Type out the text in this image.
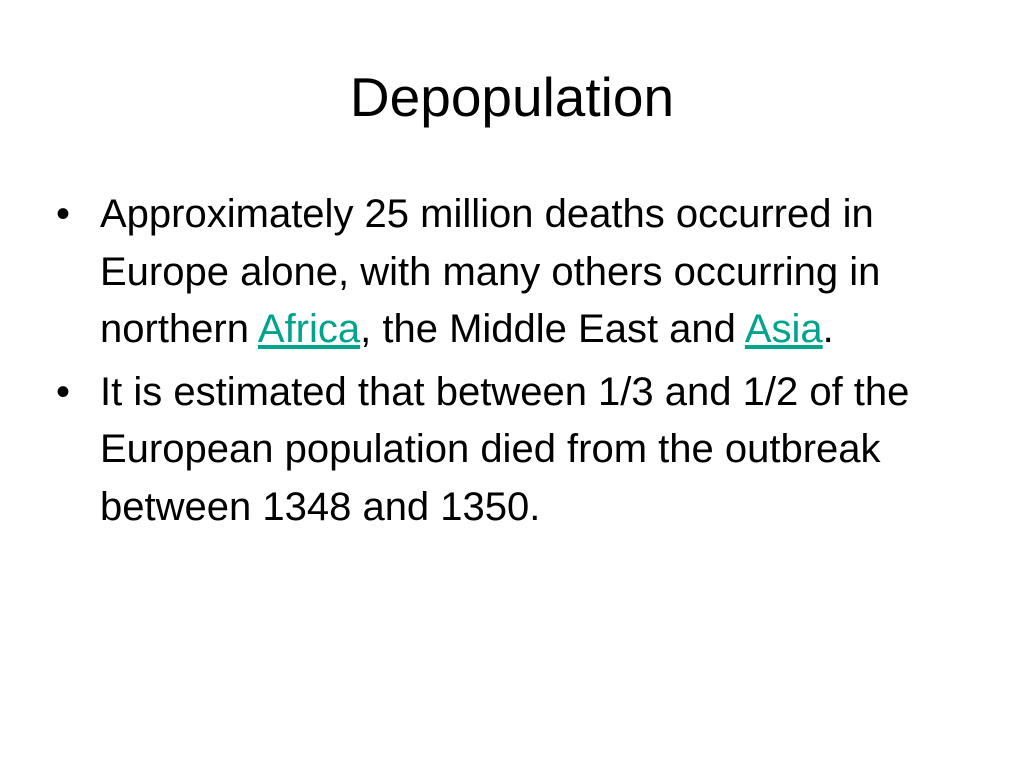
Depopulation
• Approximately 25 million deaths occurred in Europe alone, with many others occurring in northern Africa, the Middle East and Asia.
• It is estimated that between 1/3 and 1/2 of the European population died from the outbreak between 1348 and 1350.
